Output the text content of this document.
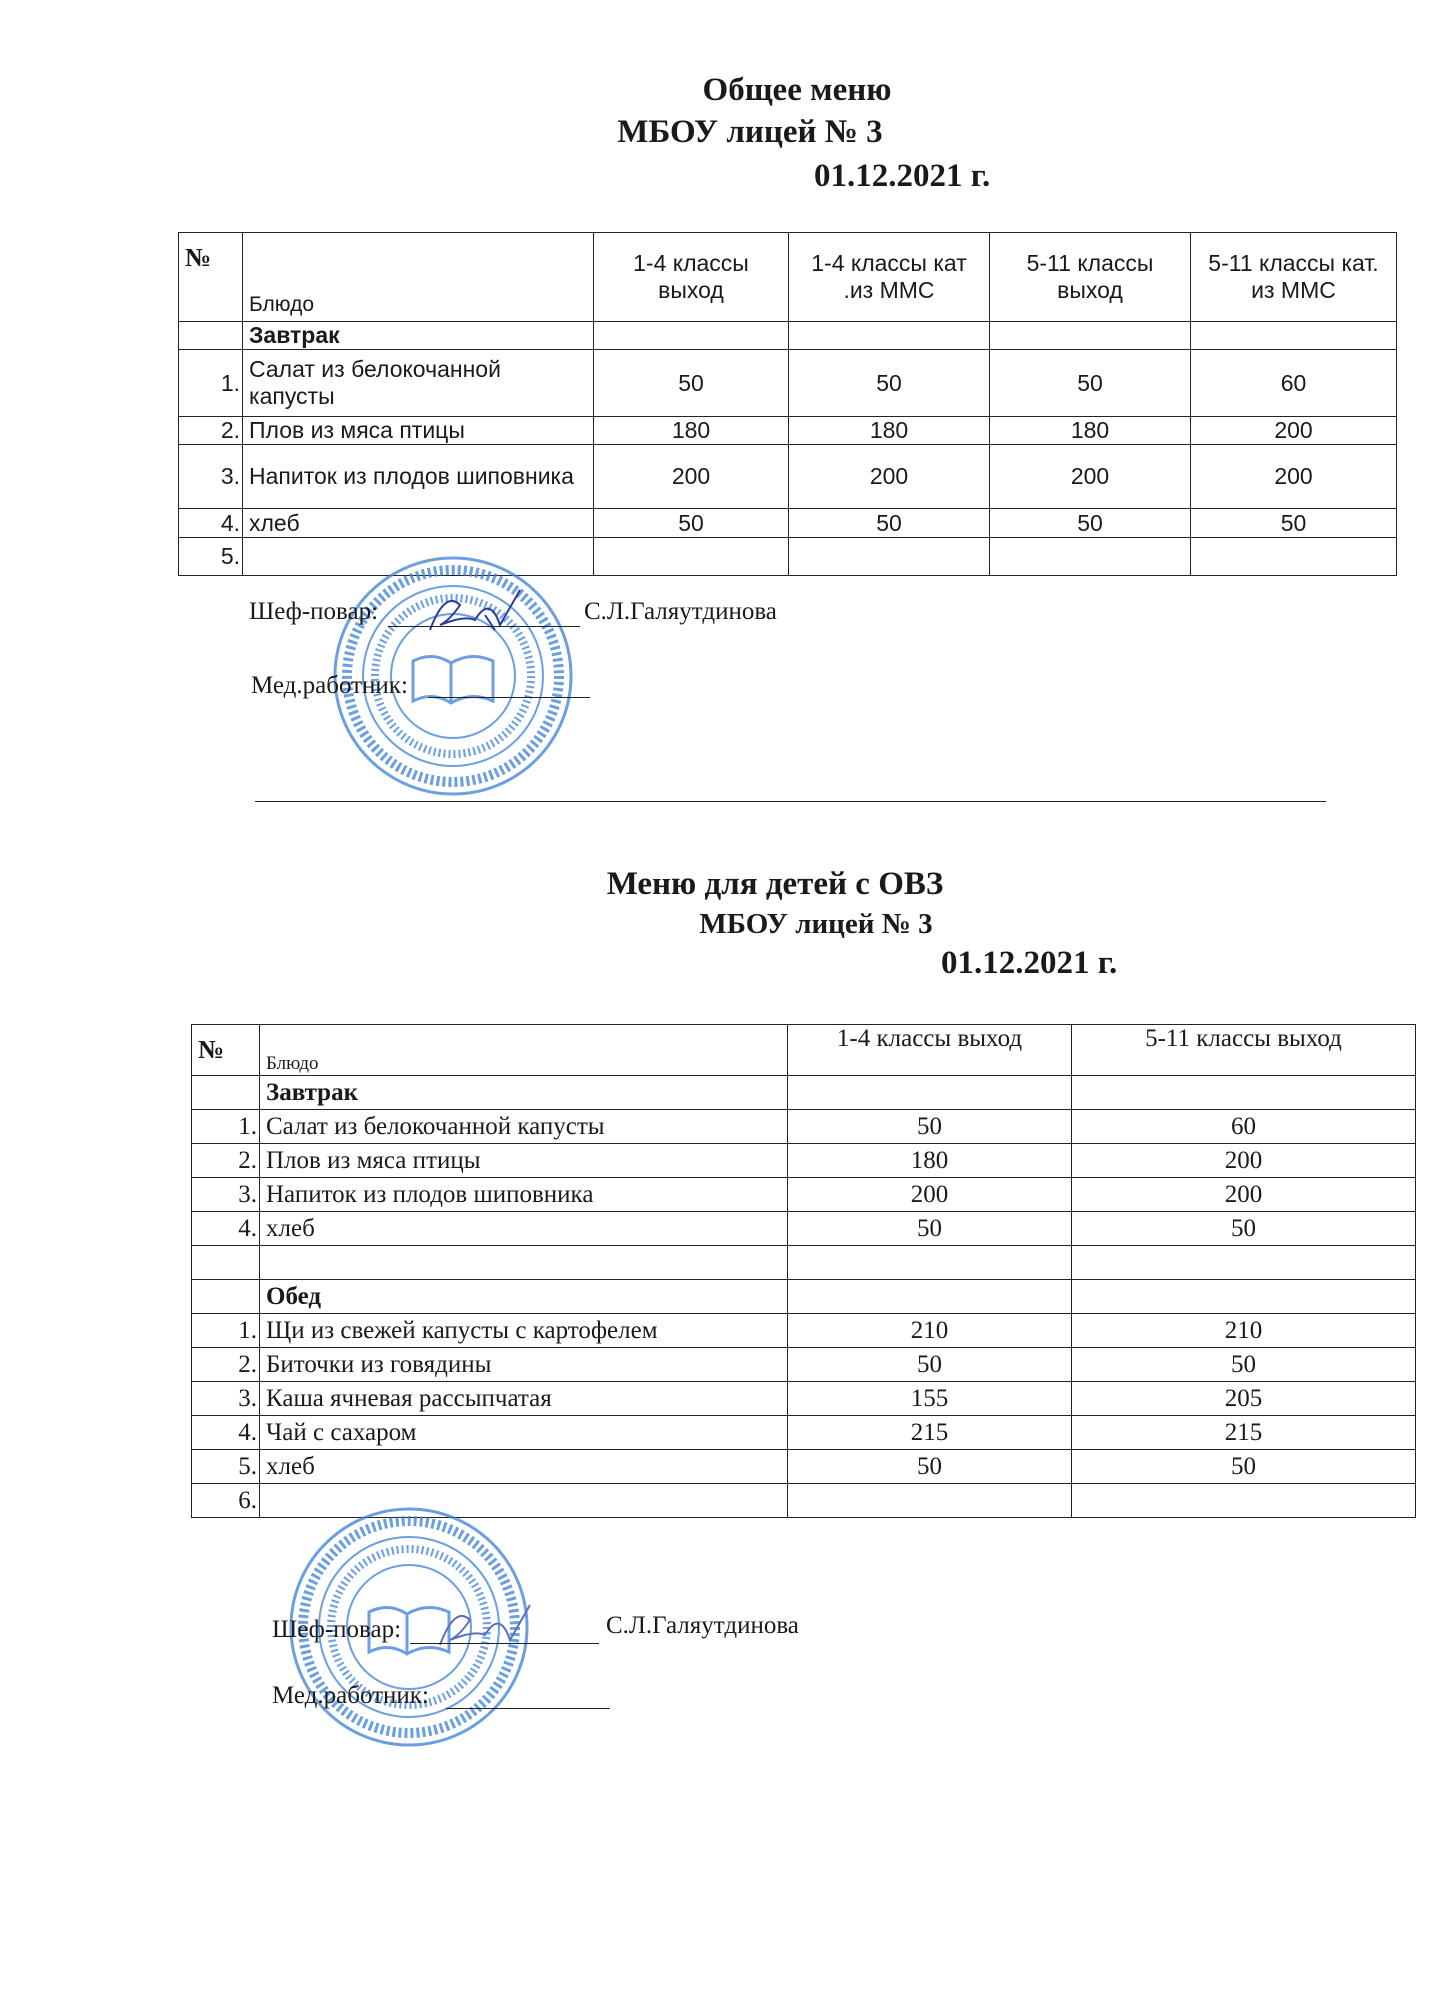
Общее меню
МБОУ лицей № 3
01.12.2021 г.
№	Блюдо	1-4 классы выход	1-4 классы кат .из ММС	5-11 классы выход	5-11 классы кат. из ММС
	Завтрак				
1.	Салат из белокочанной капусты	50	50	50	60
2.	Плов из мяса птицы	180	180	180	200
3.	Напиток из плодов шиповника	200	200	200	200
4.	хлеб	50	50	50	50
5.					
Шеф-повар:	С.Л.Галяутдинова
Мед.работник:
Меню для детей с ОВЗ
МБОУ лицей № 3
01.12.2021 г.
№	Блюдо	1-4 классы выход	5-11 классы выход
	Завтрак		
1.	Салат из белокочанной капусты	50	60
2.	Плов из мяса птицы	180	200
3.	Напиток из плодов шиповника	200	200
4.	хлеб	50	50

	Обед		
1.	Щи из свежей капусты с картофелем	210	210
2.	Биточки из говядины	50	50
3.	Каша ячневая рассыпчатая	155	205
4.	Чай с сахаром	215	215
5.	хлеб	50	50
6.			
Шеф-повар:	С.Л.Галяутдинова
Мед.работник:
